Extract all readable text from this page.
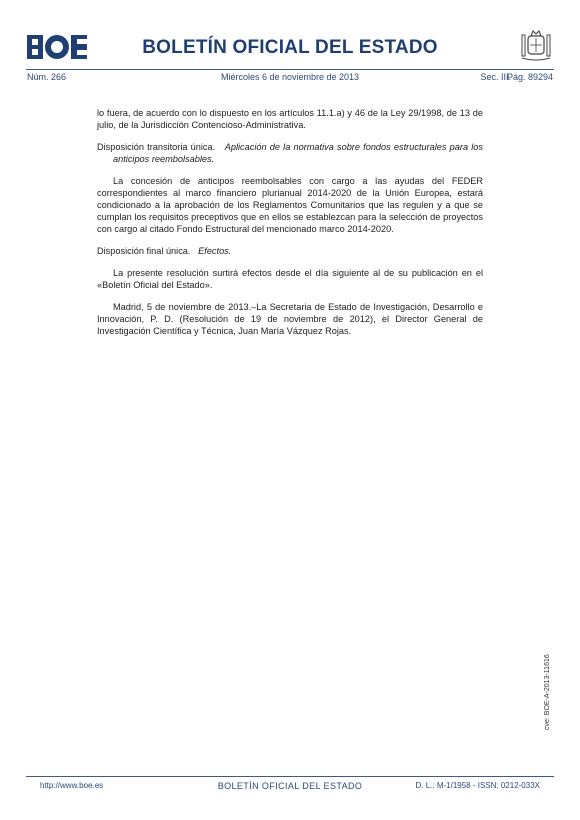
BOLETÍN OFICIAL DEL ESTADO
Núm. 266	Miércoles 6 de noviembre de 2013	Sec. III.
Pág. 89294

lo fuera, de acuerdo con lo dispuesto en los artículos 11.1.a) y 46 de la Ley 29/1998, de 13 de julio, de la Jurisdicción Contencioso-Administrativa.

Disposición transitoria única. Aplicación de la normativa sobre fondos estructurales para los anticipos reembolsables.

La concesión de anticipos reembolsables con cargo a las ayudas del FEDER correspondientes al marco financiero plurianual 2014-2020 de la Unión Europea, estará condicionado a la aprobación de los Reglamentos Comunitarios que las regulen y a que se cumplan los requisitos preceptivos que en ellos se establezcan para la selección de proyectos con cargo al citado Fondo Estructural del mencionado marco 2014-2020.

Disposición final única. Efectos.

La presente resolución surtirá efectos desde el día siguiente al de su publicación en el «Boletín Oficial del Estado».

Madrid, 5 de noviembre de 2013.–La Secretaria de Estado de Investigación, Desarrollo e Innovación, P. D. (Resolución de 19 de noviembre de 2012), el Director General de Investigación Científica y Técnica, Juan María Vázquez Rojas.

cve: BOE-A-2013-11616
http://www.boe.es	BOLETÍN OFICIAL DEL ESTADO	D. L.: M-1/1958 - ISSN: 0212-033X
